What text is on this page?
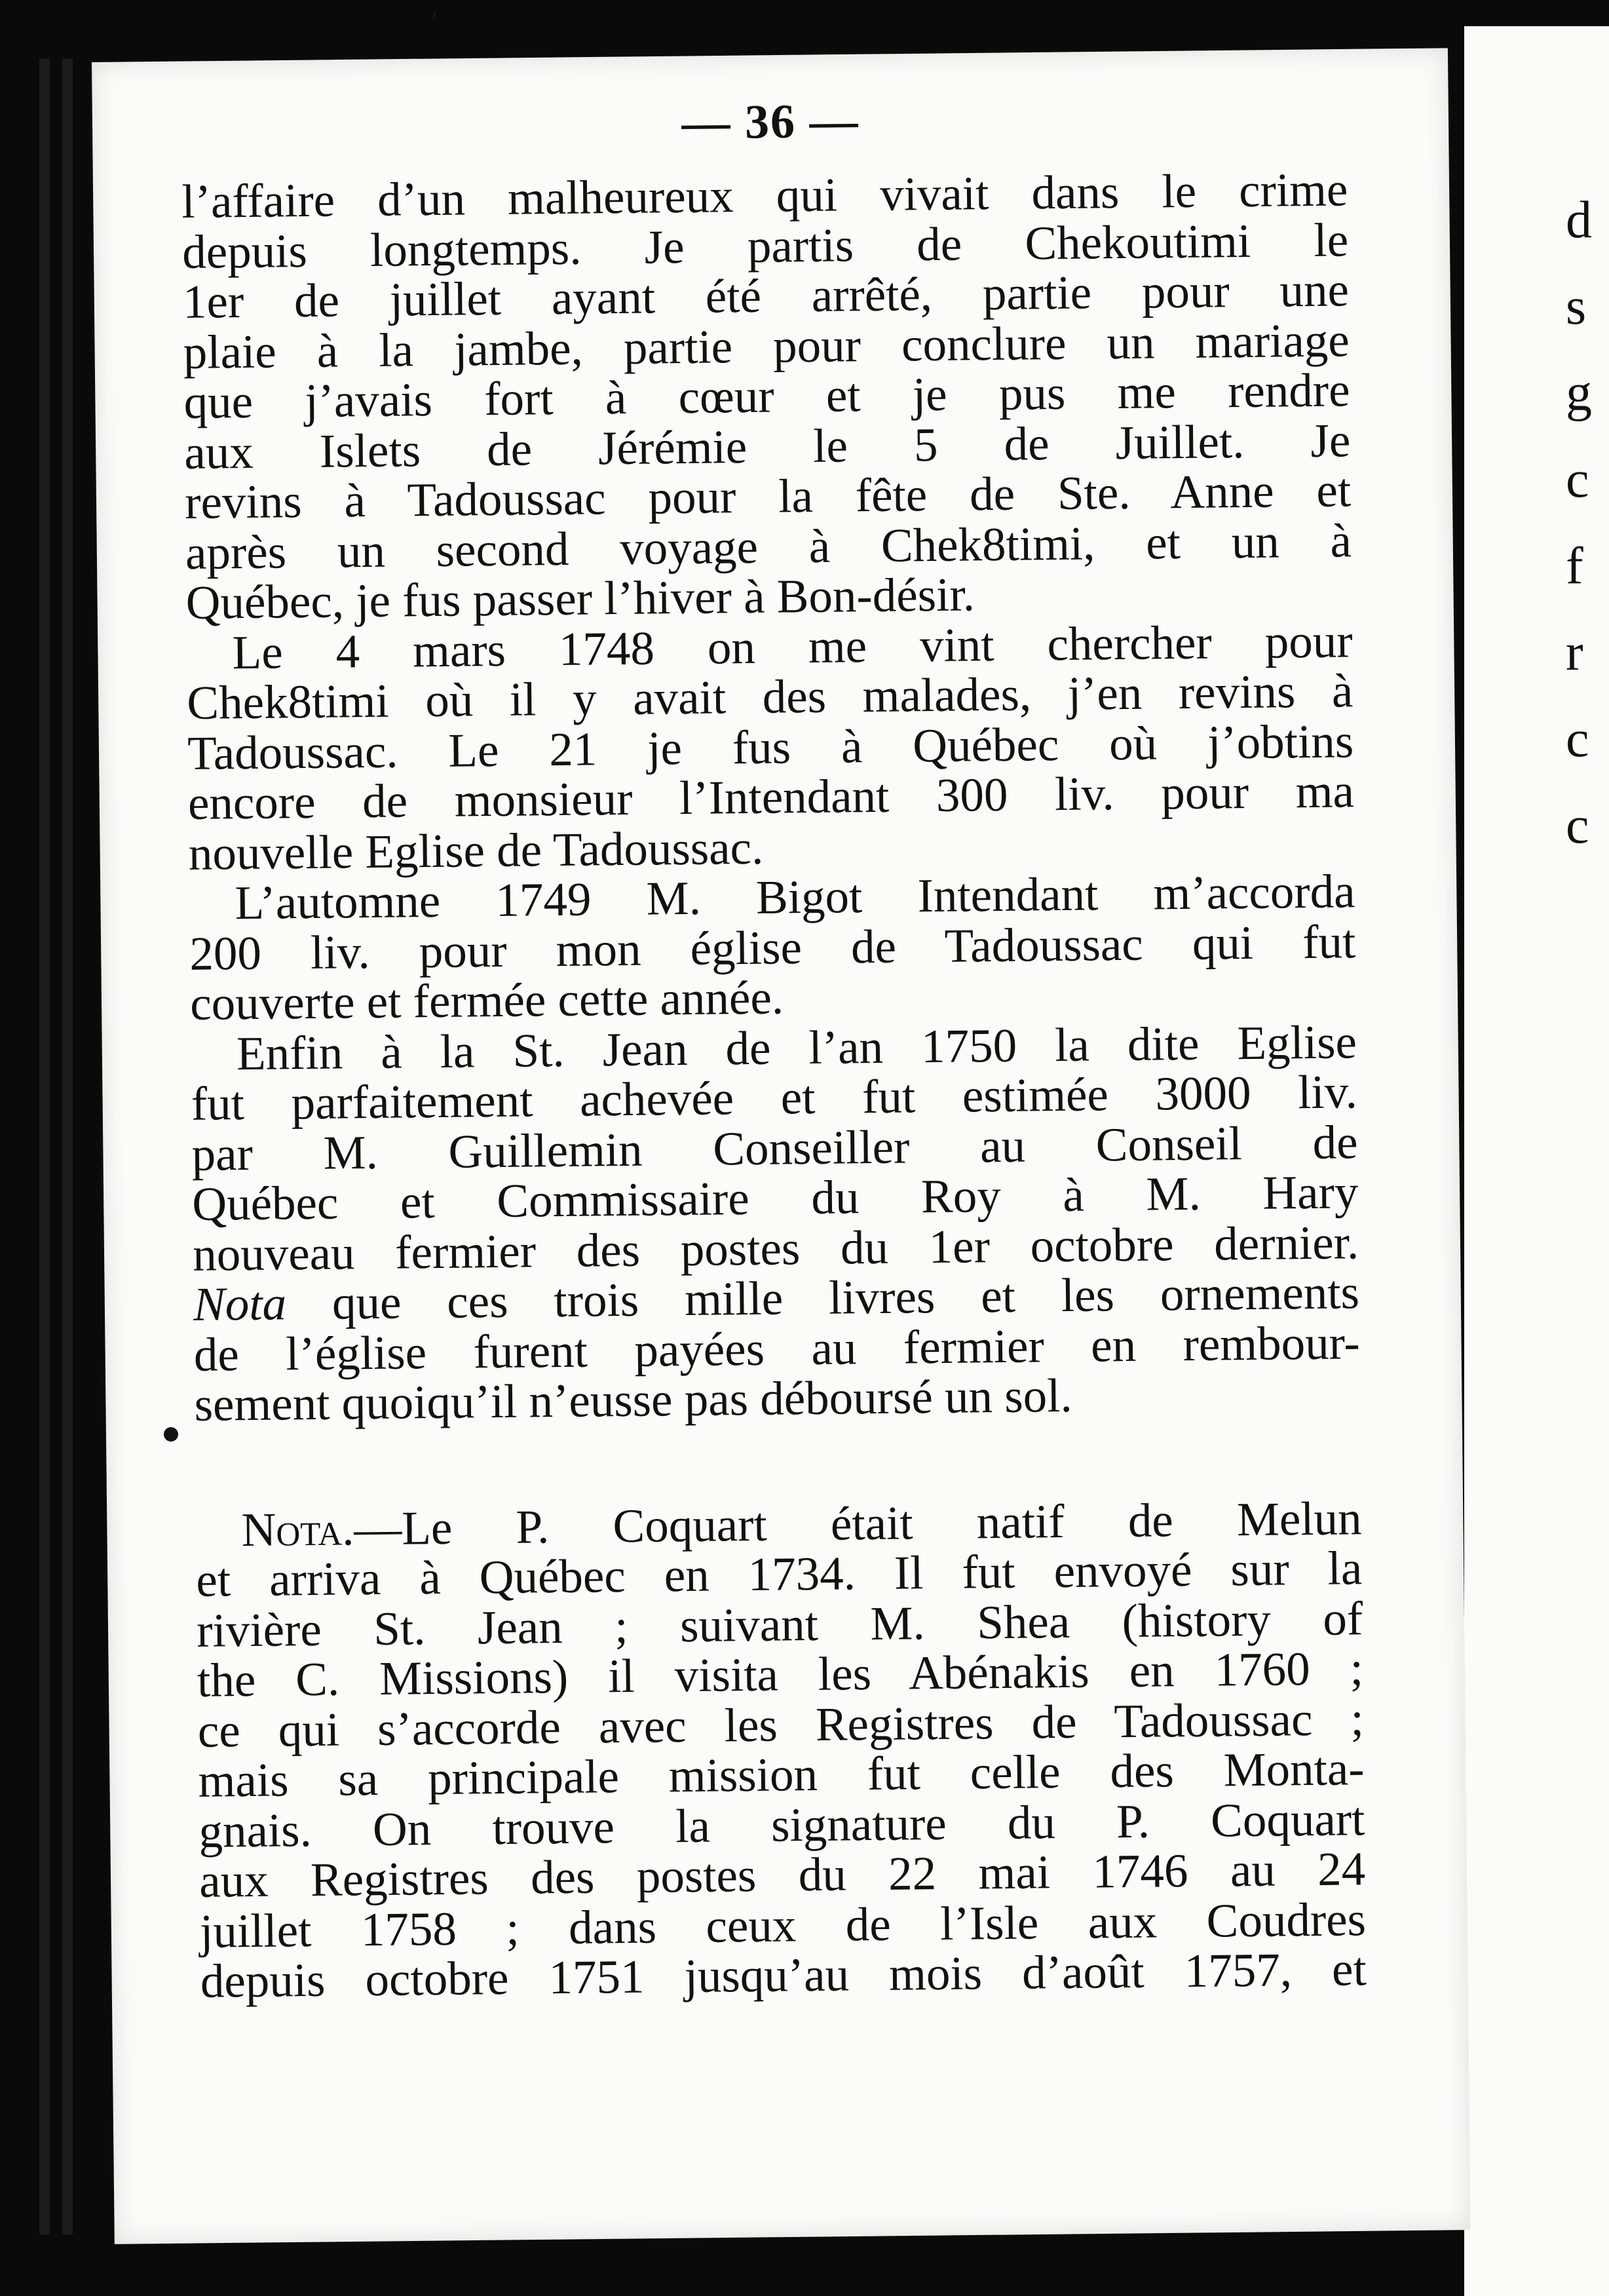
d
s
g
c
f
r
c
c
′
— 36 —
l’affaire d’un malheureux qui vivait dans le crime
depuis longtemps. Je partis de Chekoutimi le
1er de juillet ayant été arrêté, partie pour une
plaie à la jambe, partie pour conclure un mariage
que j’avais fort à cœur et je pus me rendre
aux Islets de Jérémie le 5 de Juillet. Je
revins à Tadoussac pour la fête de Ste. Anne et
après un second voyage à Chek8timi, et un à
Québec, je fus passer l’hiver à Bon-désir.
Le 4 mars 1748 on me vint chercher pour
Chek8timi où il y avait des malades, j’en revins à
Tadoussac. Le 21 je fus à Québec où j’obtins
encore de monsieur l’Intendant 300 liv. pour ma
nouvelle Eglise de Tadoussac.
L’automne 1749 M. Bigot Intendant m’accorda
200 liv. pour mon église de Tadoussac qui fut
couverte et fermée cette année.
Enfin à la St. Jean de l’an 1750 la dite Eglise
fut parfaitement achevée et fut estimée 3000 liv.
par M. Guillemin Conseiller au Conseil de
Québec et Commissaire du Roy à M. Hary
nouveau fermier des postes du 1er octobre dernier.
Nota que ces trois mille livres et les ornements
de l’église furent payées au fermier en rembour-
sement quoiqu’il n’eusse pas déboursé un sol.
Nota.—Le P. Coquart était natif de Melun
et arriva à Québec en 1734. Il fut envoyé sur la
rivière St. Jean ; suivant M. Shea (history of
the C. Missions) il visita les Abénakis en 1760 ;
ce qui s’accorde avec les Registres de Tadoussac ;
mais sa principale mission fut celle des Monta-
gnais. On trouve la signature du P. Coquart
aux Registres des postes du 22 mai 1746 au 24
juillet 1758 ; dans ceux de l’Isle aux Coudres
depuis octobre 1751 jusqu’au mois d’août 1757, et
